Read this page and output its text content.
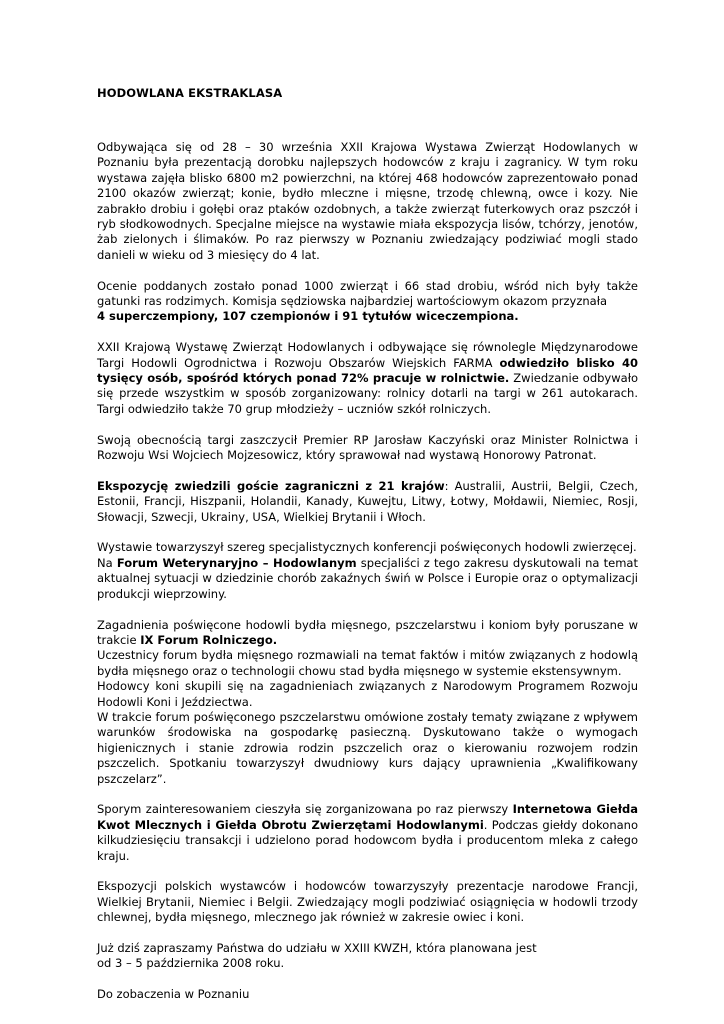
HODOWLANA EKSTRAKLASA

Odbywająca się od 28 – 30 września XXII Krajowa Wystawa Zwierząt Hodowlanych w Poznaniu była prezentacją dorobku najlepszych hodowców z kraju i zagranicy. W tym roku wystawa zajęła blisko 6800 m2 powierzchni, na której 468 hodowców zaprezentowało ponad 2100 okazów zwierząt; konie, bydło mleczne i mięsne, trzodę chlewną, owce i kozy. Nie zabrakło drobiu i gołębi oraz ptaków ozdobnych, a także zwierząt futerkowych oraz pszczół i ryb słodkowodnych. Specjalne miejsce na wystawie miała ekspozycja lisów, tchórzy, jenotów, żab zielonych i ślimaków. Po raz pierwszy w Poznaniu zwiedzający podziwiać mogli stado danieli w wieku od 3 miesięcy do 4 lat.

Ocenie poddanych zostało ponad 1000 zwierząt i 66 stad drobiu, wśród nich były także gatunki ras rodzimych. Komisja sędziowska najbardziej wartościowym okazom przyznała
4 superczempiony, 107 czempionów i 91 tytułów wiceczempiona.

XXII Krajową Wystawę Zwierząt Hodowlanych i odbywające się równolegle Międzynarodowe Targi Hodowli Ogrodnictwa i Rozwoju Obszarów Wiejskich FARMA odwiedziło blisko 40 tysięcy osób, spośród których ponad 72% pracuje w rolnictwie. Zwiedzanie odbywało się przede wszystkim w sposób zorganizowany: rolnicy dotarli na targi w 261 autokarach. Targi odwiedziło także 70 grup młodzieży – uczniów szkół rolniczych.

Swoją obecnością targi zaszczycił Premier RP Jarosław Kaczyński oraz Minister Rolnictwa i Rozwoju Wsi Wojciech Mojzesowicz, który sprawował nad wystawą Honorowy Patronat.

Ekspozycję zwiedzili goście zagraniczni z 21 krajów: Australii, Austrii, Belgii, Czech, Estonii, Francji, Hiszpanii, Holandii, Kanady, Kuwejtu, Litwy, Łotwy, Mołdawii, Niemiec, Rosji, Słowacji, Szwecji, Ukrainy, USA, Wielkiej Brytanii i Włoch.

Wystawie towarzyszył szereg specjalistycznych konferencji poświęconych hodowli zwierzęcej.
Na Forum Weterynaryjno – Hodowlanym specjaliści z tego zakresu dyskutowali na temat aktualnej sytuacji w dziedzinie chorób zakaźnych świń w Polsce i Europie oraz o optymalizacji produkcji wieprzowiny.

Zagadnienia poświęcone hodowli bydła mięsnego, pszczelarstwu i koniom były poruszane w trakcie IX Forum Rolniczego.
Uczestnicy forum bydła mięsnego rozmawiali na temat faktów i mitów związanych z hodowlą bydła mięsnego oraz o technologii chowu stad bydła mięsnego w systemie ekstensywnym.
Hodowcy koni skupili się na zagadnieniach związanych z Narodowym Programem Rozwoju Hodowli Koni i Jeździectwa.
W trakcie forum poświęconego pszczelarstwu omówione zostały tematy związane z wpływem warunków środowiska na gospodarkę pasieczną. Dyskutowano także o wymogach higienicznych i stanie zdrowia rodzin pszczelich oraz o kierowaniu rozwojem rodzin pszczelich. Spotkaniu towarzyszył dwudniowy kurs dający uprawnienia „Kwalifikowany pszczelarz”.

Sporym zainteresowaniem cieszyła się zorganizowana po raz pierwszy Internetowa Giełda Kwot Mlecznych i Giełda Obrotu Zwierzętami Hodowlanymi. Podczas giełdy dokonano kilkudziesięciu transakcji i udzielono porad hodowcom bydła i producentom mleka z całego kraju.

Ekspozycji polskich wystawców i hodowców towarzyszyły prezentacje narodowe Francji, Wielkiej Brytanii, Niemiec i Belgii. Zwiedzający mogli podziwiać osiągnięcia w hodowli trzody chlewnej, bydła mięsnego, mlecznego jak również w zakresie owiec i koni.

Już dziś zapraszamy Państwa do udziału w XXIII KWZH, która planowana jest
od 3 – 5 października 2008 roku.

Do zobaczenia w Poznaniu
